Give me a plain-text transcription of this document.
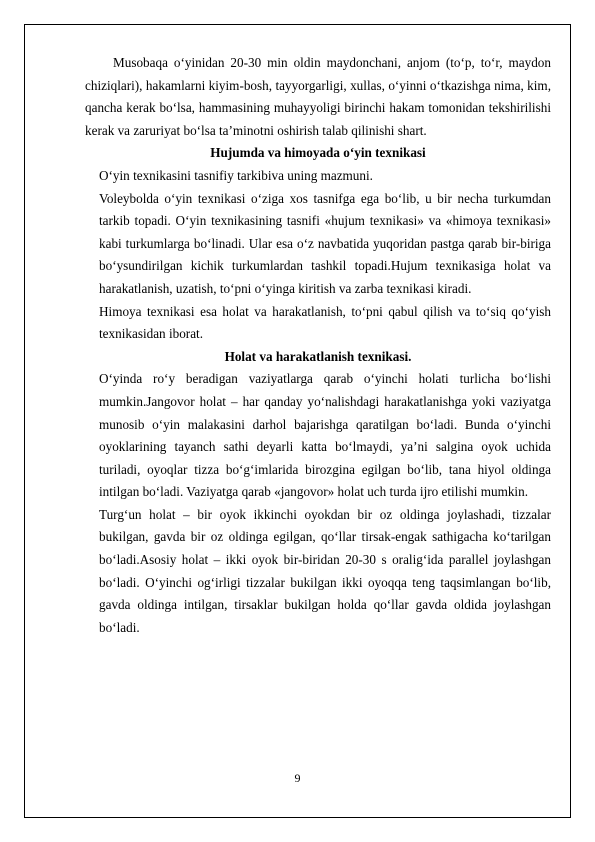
Musobaqa o‘yinidan 20-30 min oldin maydonchani, anjom (to‘p, to‘r, maydon chiziqlari), hakamlarni kiyim-bosh, tayyorgarligi, xullas, o‘yinni o‘tkazishga nima, kim, qancha kerak bo‘lsa, hammasining muhayyoligi birinchi hakam tomonidan tekshirilishi kerak va zaruriyat bo‘lsa ta’minotni oshirish talab qilinishi shart.

Hujumda va himoyada o‘yin texnikasi

O‘yin texnikasini tasnifiy tarkibiva uning mazmuni.

Voleybolda o‘yin texnikasi o‘ziga xos tasnifga ega bo‘lib, u bir necha turkumdan tarkib topadi. O‘yin texnikasining tasnifi «hujum texnikasi» va «himoya texnikasi» kabi turkumlarga bo‘linadi. Ular esa o‘z navbatida yuqoridan pastga qarab bir-biriga bo‘ysundirilgan kichik turkumlardan tashkil topadi.Hujum texnikasiga holat va harakatlanish, uzatish, to‘pni o‘yinga kiritish va zarba texnikasi kiradi.

Himoya texnikasi esa holat va harakatlanish, to‘pni qabul qilish va to‘siq qo‘yish texnikasidan iborat.

Holat va harakatlanish texnikasi.

O‘yinda ro‘y beradigan vaziyatlarga qarab o‘yinchi holati turlicha bo‘lishi mumkin.Jangovor holat – har qanday yo‘nalishdagi harakatlanishga yoki vaziyatga munosib o‘yin malakasini darhol bajarishga qaratilgan bo‘ladi. Bunda o‘yinchi oyoklarining tayanch sathi deyarli katta bo‘lmaydi, ya’ni salgina oyok uchida turiladi, oyoqlar tizza bo‘g‘imlarida birozgina egilgan bo‘lib, tana hiyol oldinga intilgan bo‘ladi. Vaziyatga qarab «jangovor» holat uch turda ijro etilishi mumkin.

Turg‘un holat – bir oyok ikkinchi oyokdan bir oz oldinga joylashadi, tizzalar bukilgan, gavda bir oz oldinga egilgan, qo‘llar tirsak-engak sathigacha ko‘tarilgan bo‘ladi.Asosiy holat – ikki oyok bir-biridan 20-30 s oralig‘ida parallel joylashgan bo‘ladi. O‘yinchi og‘irligi tizzalar bukilgan ikki oyoqqa teng taqsimlangan bo‘lib, gavda oldinga intilgan, tirsaklar bukilgan holda qo‘llar gavda oldida joylashgan bo‘ladi.

9
